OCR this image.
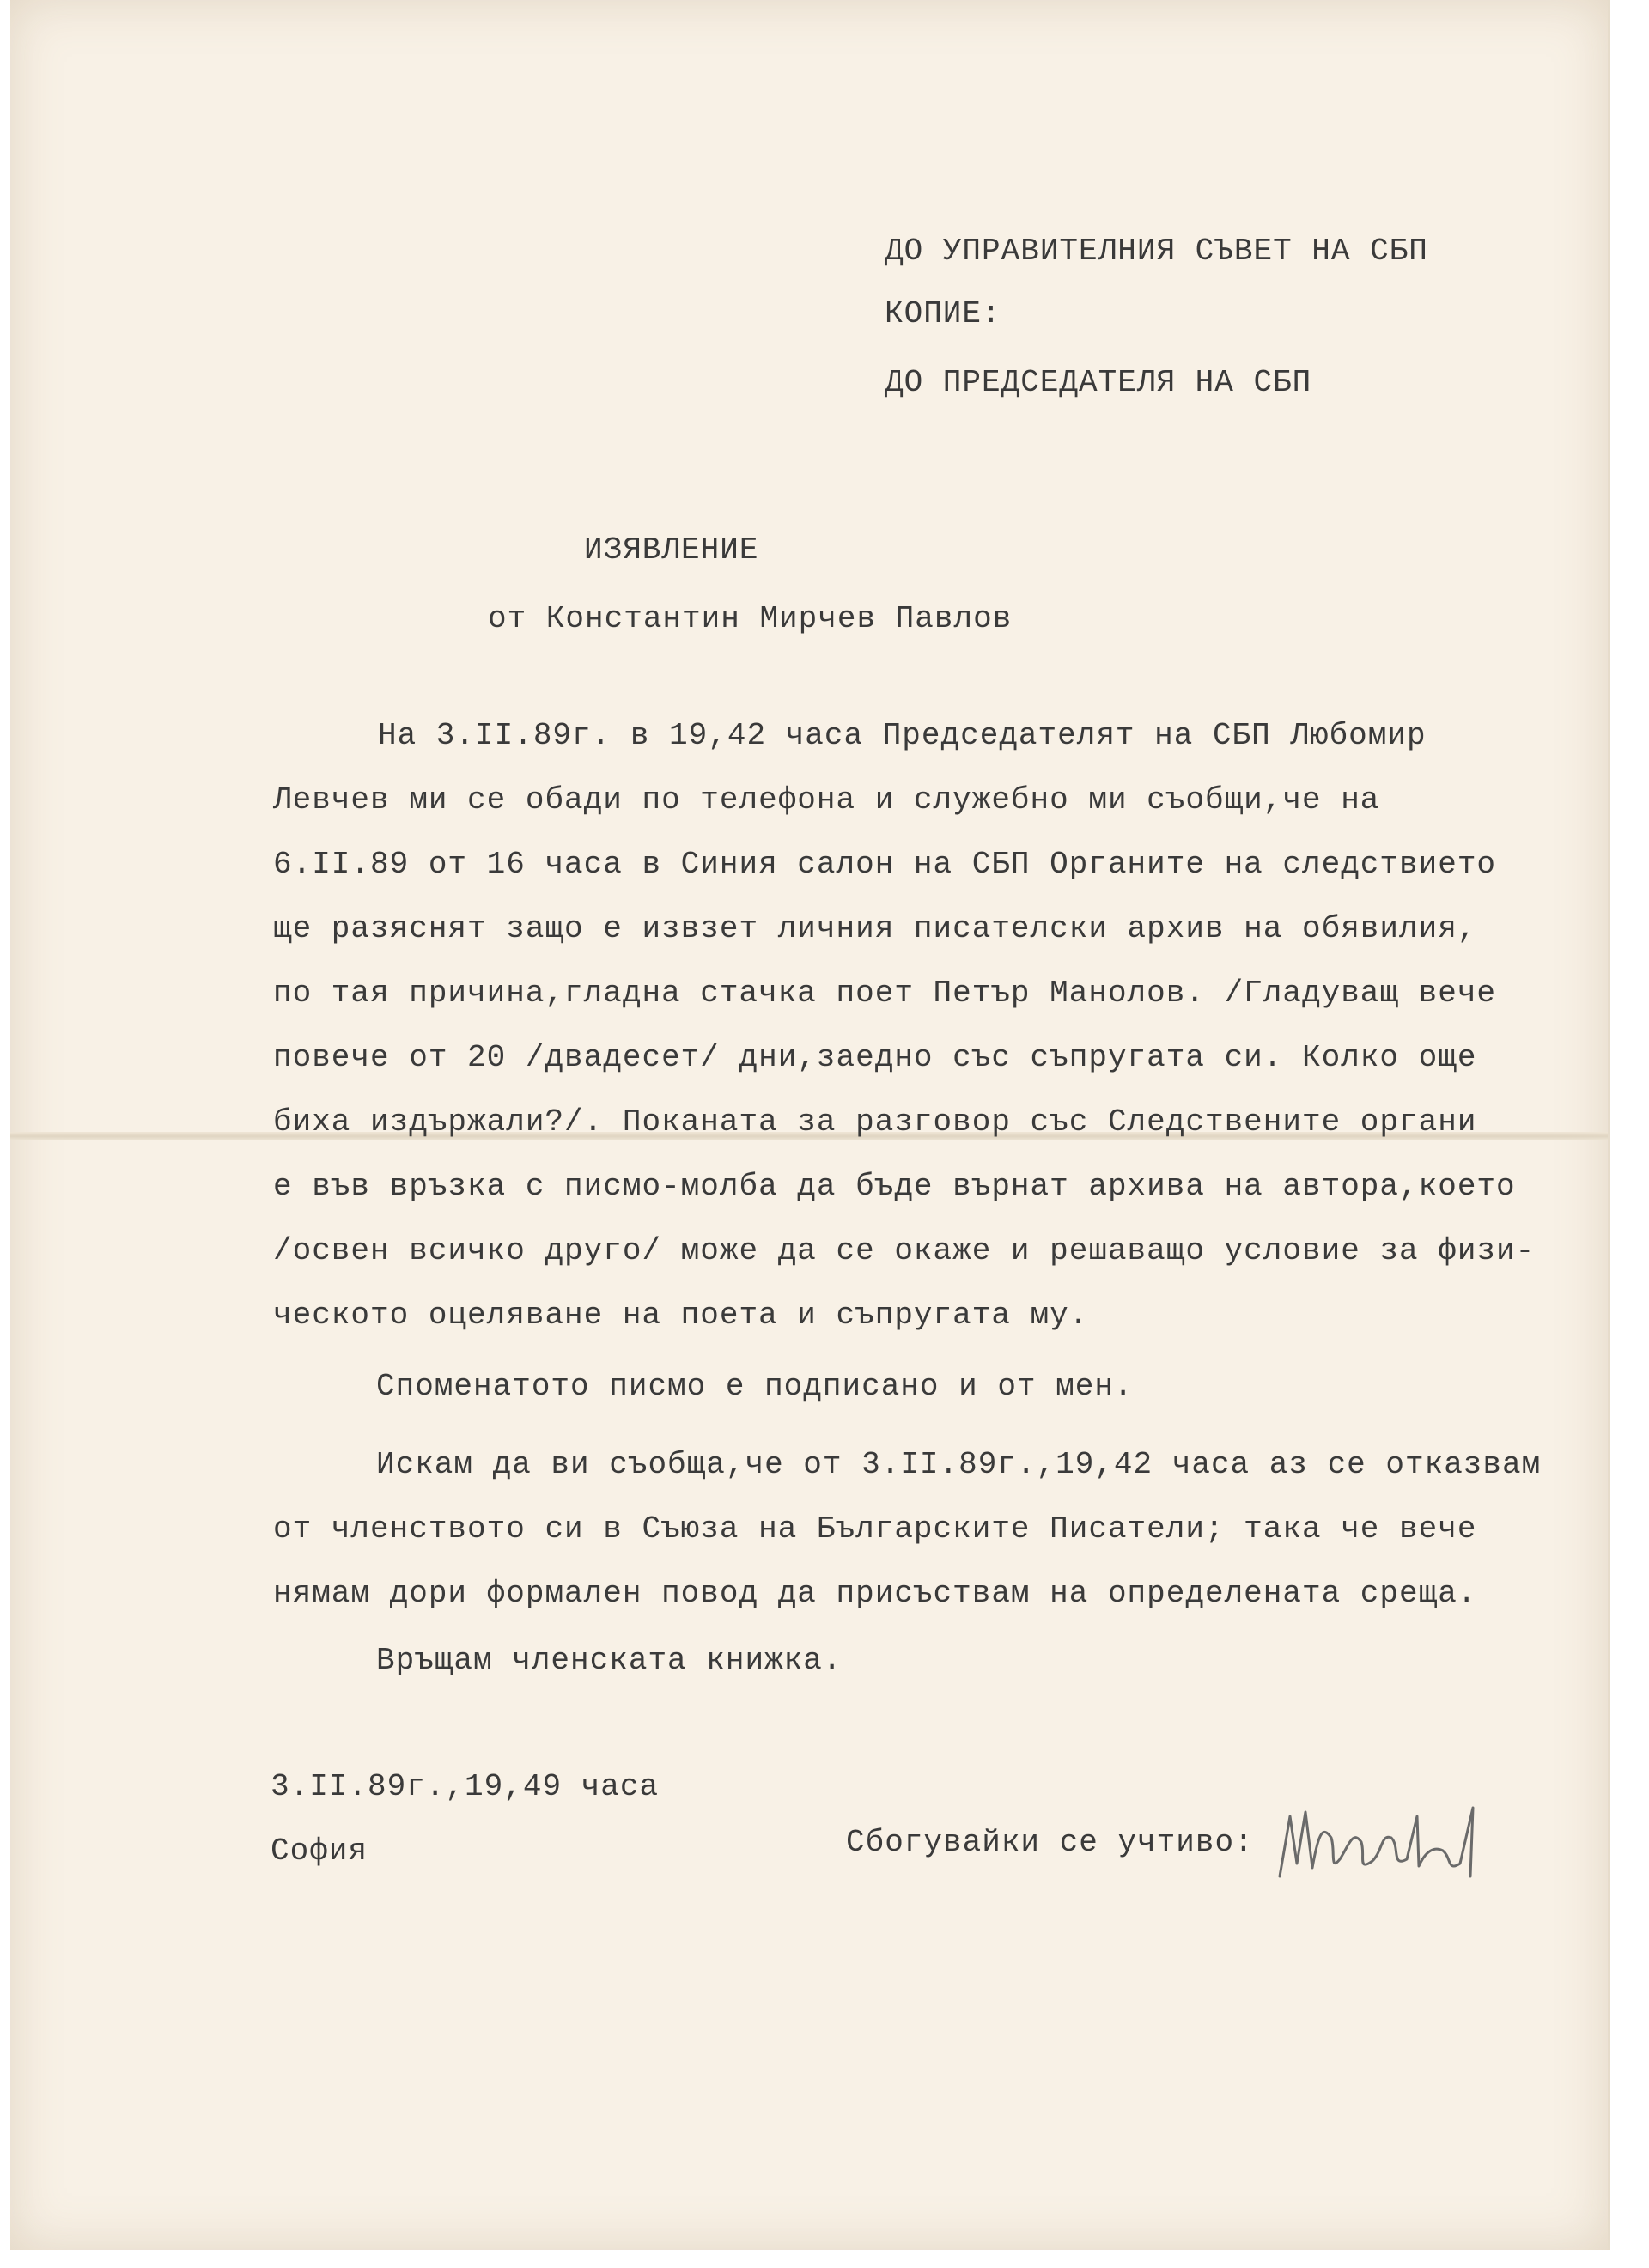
ДО УПРАВИТЕЛНИЯ СЪВЕТ НА СБП
КОПИЕ:
ДО ПРЕДСЕДАТЕЛЯ НА СБП
ИЗЯВЛЕНИЕ
от Константин Мирчев Павлов
На 3.II.89г. в 19,42 часа Председателят на СБП Любомир
Левчев ми се обади по телефона и служебно ми съобщи,че на
6.II.89 от 16 часа в Синия салон на СБП Органите на следствието
ще разяснят защо е извзет личния писателски архив на обявилия,
по тая причина,гладна стачка поет Петър Манолов. /Гладуващ вече
повече от 20 /двадесет/ дни,заедно със съпругата си. Колко още
биха издържали?/. Поканата за разговор със Следствените органи
е във връзка с писмо-молба да бъде върнат архива на автора,което
/освен всичко друго/ може да се окаже и решаващо условие за физи-
ческото оцеляване на поета и съпругата му.
Споменатото писмо е подписано и от мен.
Искам да ви съобща,че от 3.II.89г.,19,42 часа аз се отказвам
от членството си в Съюза на Българските Писатели; така че вече
нямам дори формален повод да присъствам на определената среща.
Връщам членската книжка.
3.II.89г.,19,49 часа
София	Сбогувайки се учтиво:
